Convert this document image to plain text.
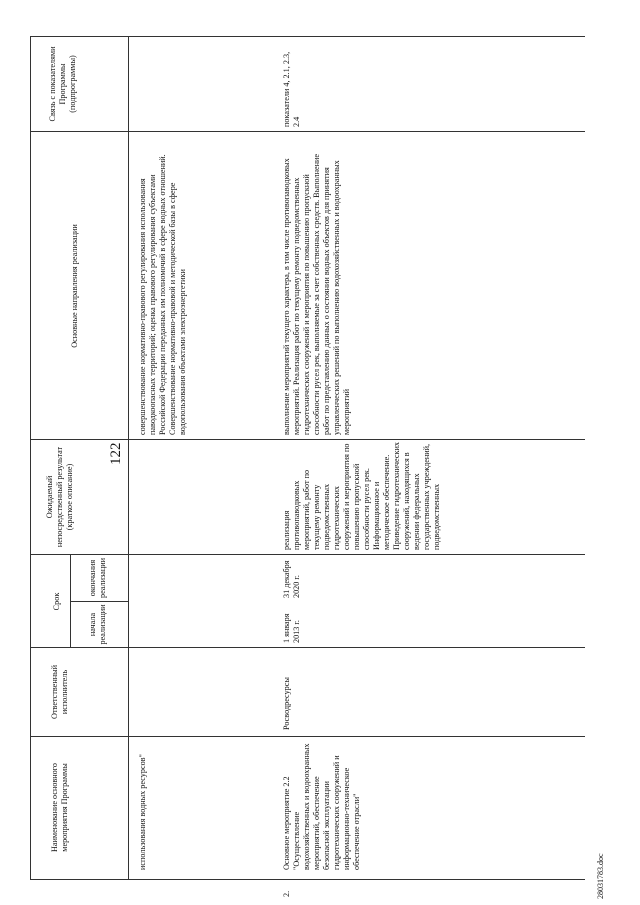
122
Наименование основного мероприятия Программы
Ответственный исполнитель
Срок
начала реализации
окончания реализации
Ожидаемый непосредственный результат (краткое описание)
Основные направления реализации
использования водных ресурсов"
совершенствование нормативно-правового регулирования использования паводкоопасных территорий; оценка правового регулирования субъектами Российской Федерации переданных им полномочий в сфере водных отношений. Совершенствование нормативно-правовой и методической базы в сфере водопользования объектами электроэнергетики
2.
Основное мероприятие 2.2 "Осуществление водохозяйственных и водоохранных мероприятий, обеспечение безопасной эксплуатации гидротехнических сооружений и информационно-техническое обеспечение отрасли"
Росводресурсы
1 января 2013 г.
31 декабря 2020 г.
реализация противопаводковых мероприятий, работ по текущему ремонту подведомственных гидротехнических сооружений и мероприятия по повышению пропускной способности русел рек. Информационное и методическое обеспечение. Приведение гидротехнических сооружений, находящихся в ведении федеральных государственных учреждений, подведомственных
выполнение мероприятий текущего характера, в том числе противопаводковых мероприятий. Реализация работ по текущему ремонту подведомственных гидротехнических сооружений и мероприятия по повышению пропускной способности русел рек, выполняемые за счет собственных средств. Выполнение работ по представлению данных о состоянии водных объектов для принятия управленческих решений по выполнению водохозяйственных и водоохранных мероприятий
28031783.doc
Связь с показателями Программы (подпрограммы)	показатели 4, 2.1, 2.3, 2.4
